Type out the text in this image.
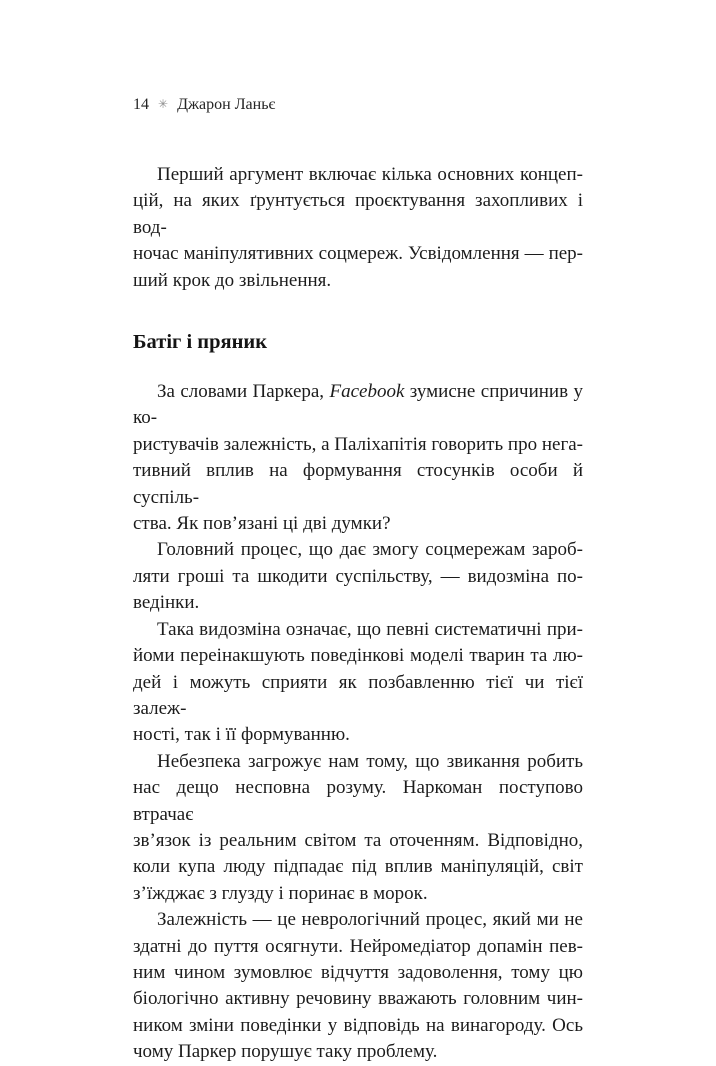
14 ✳ Джарон Ланьє
Перший аргумент включає кілька основних концеп-
цій, на яких ґрунтується проєктування захопливих і вод-
ночас маніпулятивних соцмереж. Усвідомлення — пер-
ший крок до звільнення.
Батіг і пряник
За словами Паркера, Facebook зумисне спричинив у ко-
ристувачів залежність, а Паліхапітія говорить про нега-
тивний вплив на формування стосунків особи й суспіль-
ства. Як пов’язані ці дві думки?
Головний процес, що дає змогу соцмережам зароб-
ляти гроші та шкодити суспільству, — видозміна по-
ведінки.
Така видозміна означає, що певні систематичні при-
йоми переінакшують поведінкові моделі тварин та лю-
дей і можуть сприяти як позбавленню тієї чи тієї залеж-
ності, так і її формуванню.
Небезпека загрожує нам тому, що звикання робить
нас дещо несповна розуму. Наркоман поступово втрачає
зв’язок із реальним світом та оточенням. Відповідно,
коли купа люду підпадає під вплив маніпуляцій, світ
з’їжджає з глузду і поринає в морок.
Залежність — це неврологічний процес, який ми не
здатні до пуття осягнути. Нейромедіатор допамін пев-
ним чином зумовлює відчуття задоволення, тому цю
біологічно активну речовину вважають головним чин-
ником зміни поведінки у відповідь на винагороду. Ось
чому Паркер порушує таку проблему.
